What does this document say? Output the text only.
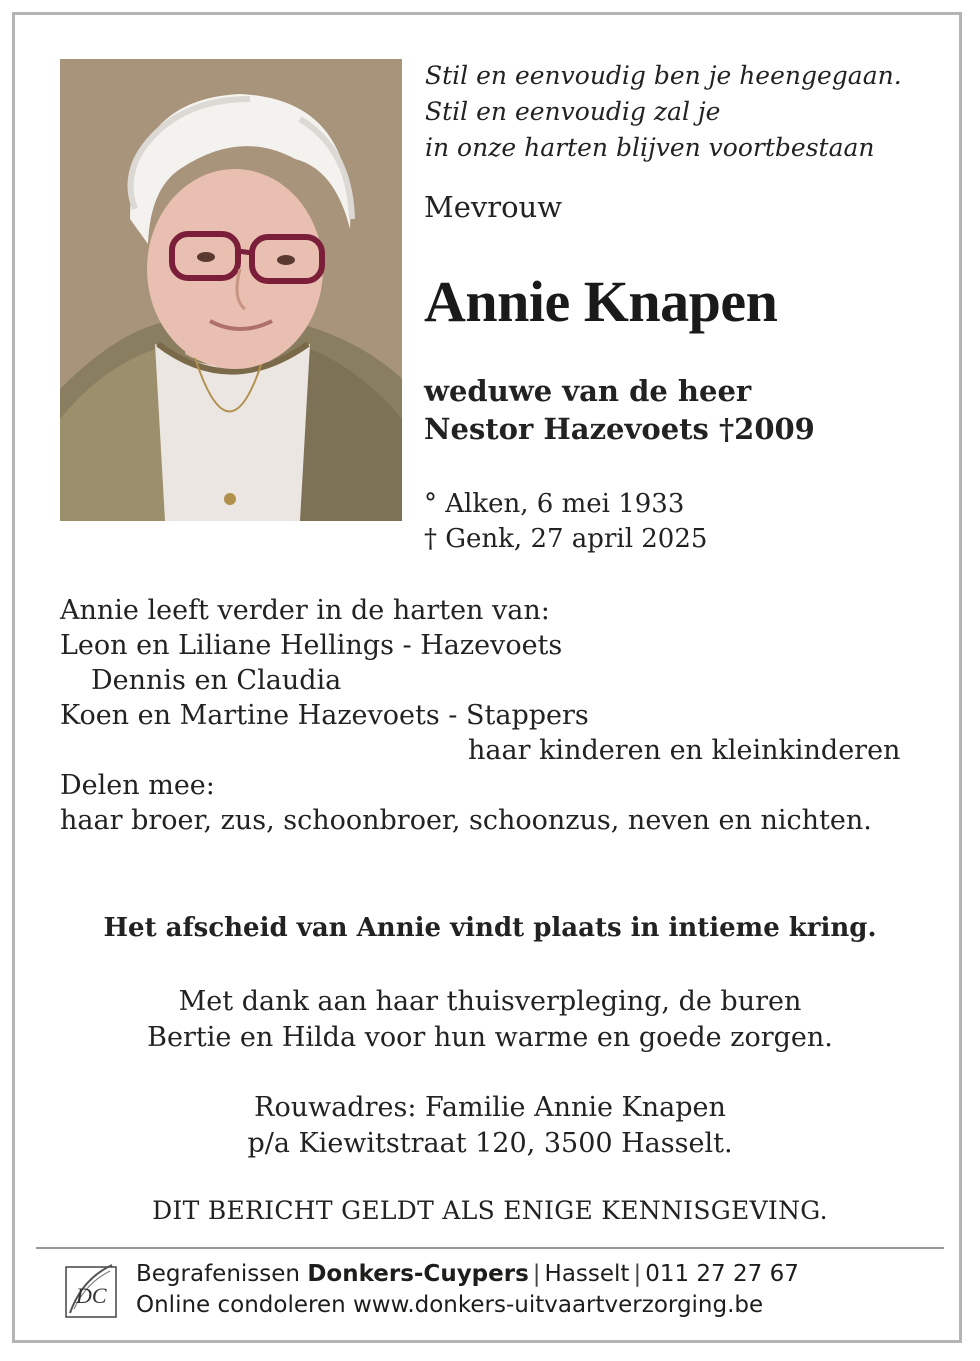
Stil en eenvoudig ben je heengegaan.
Stil en eenvoudig zal je
in onze harten blijven voortbestaan
Mevrouw
Annie Knapen
weduwe van de heer
Nestor Hazevoets †2009
° Alken, 6 mei 1933
† Genk, 27 april 2025
Annie leeft verder in de harten van:
Leon en Liliane Hellings - Hazevoets
Dennis en Claudia
Koen en Martine Hazevoets - Stappers
haar kinderen en kleinkinderen
Delen mee:
haar broer, zus, schoonbroer, schoonzus, neven en nichten.
Het afscheid van Annie vindt plaats in intieme kring.
Met dank aan haar thuisverpleging, de buren
Bertie en Hilda voor hun warme en goede zorgen.
Rouwadres: Familie Annie Knapen
p/a Kiewitstraat 120, 3500 Hasselt.
DIT BERICHT GELDT ALS ENIGE KENNISGEVING.
DC
Begrafenissen Donkers-Cuypers | Hasselt | 011 27 27 67
Online condoleren www.donkers-uitvaartverzorging.be
